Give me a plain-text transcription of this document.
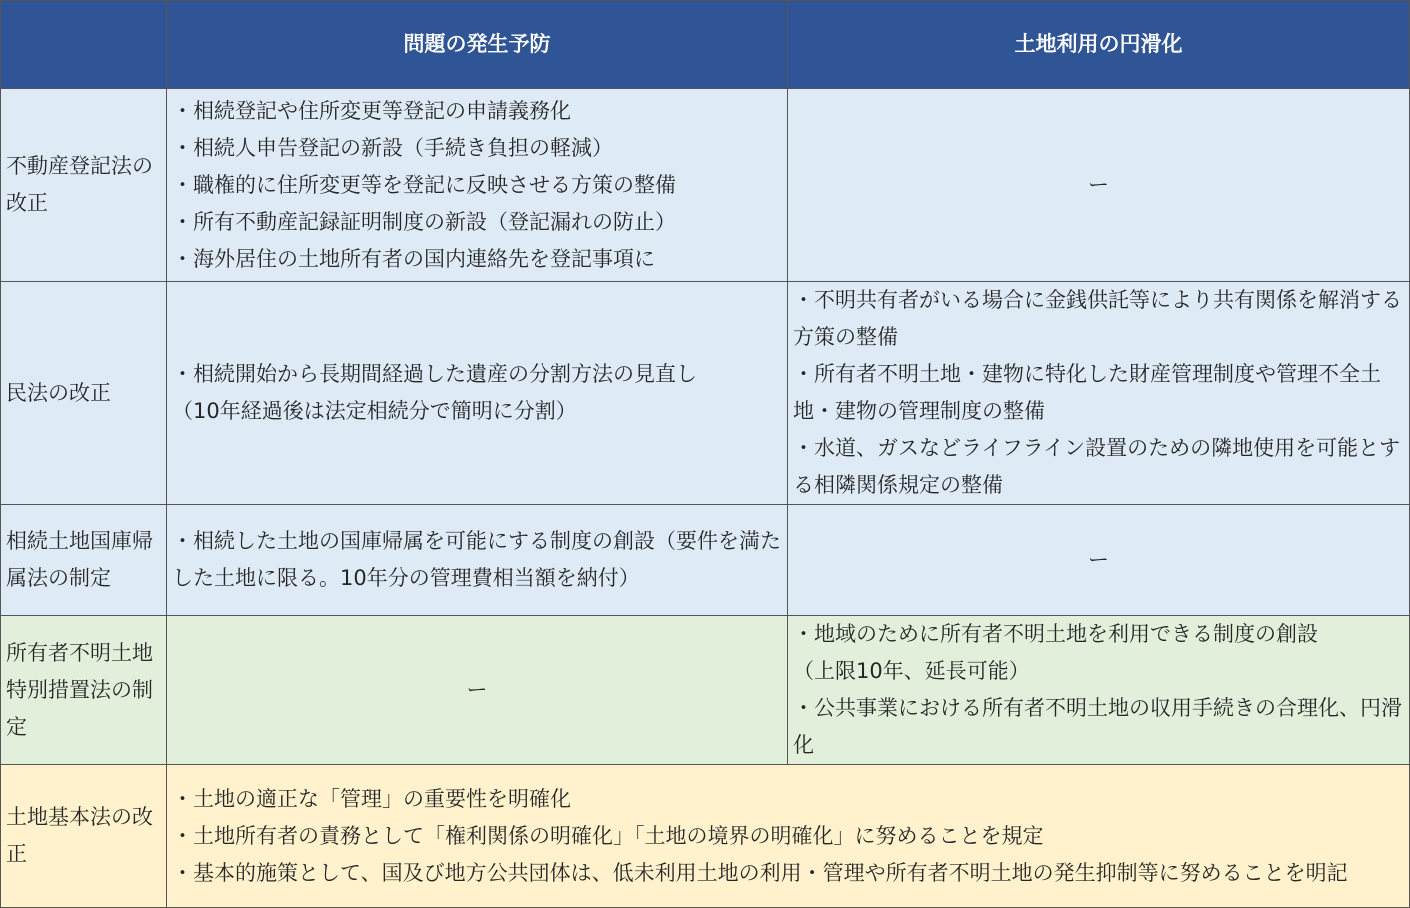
	問題の発生予防	土地利用の円滑化
不動産登記法の改正	・相続登記や住所変更等登記の申請義務化
・相続人申告登記の新設（手続き負担の軽減）
・職権的に住所変更等を登記に反映させる方策の整備
・所有不動産記録証明制度の新設（登記漏れの防止）
・海外居住の土地所有者の国内連絡先を登記事項に	ー
民法の改正	・相続開始から長期間経過した遺産の分割方法の見直し
（10年経過後は法定相続分で簡明に分割）	・不明共有者がいる場合に金銭供託等により共有関係を解消する方策の整備
・所有者不明土地・建物に特化した財産管理制度や管理不全土地・建物の管理制度の整備
・水道、ガスなどライフライン設置のための隣地使用を可能とする相隣関係規定の整備

相続土地国庫帰属法の制定	・相続した土地の国庫帰属を可能にする制度の創設（要件を満たした土地に限る。10年分の管理費相当額を納付）	ー
所有者不明土地特別措置法の制定	ー	・地域のために所有者不明土地を利用できる制度の創設
（上限10年、延長可能）
・公共事業における所有者不明土地の収用手続きの合理化、円滑化

土地基本法の改正	・土地の適正な「管理」の重要性を明確化
・土地所有者の責務として「権利関係の明確化」「土地の境界の明確化」に努めることを規定
・基本的施策として、国及び地方公共団体は、低未利用土地の利用・管理や所有者不明土地の発生抑制等に努めることを明記	
